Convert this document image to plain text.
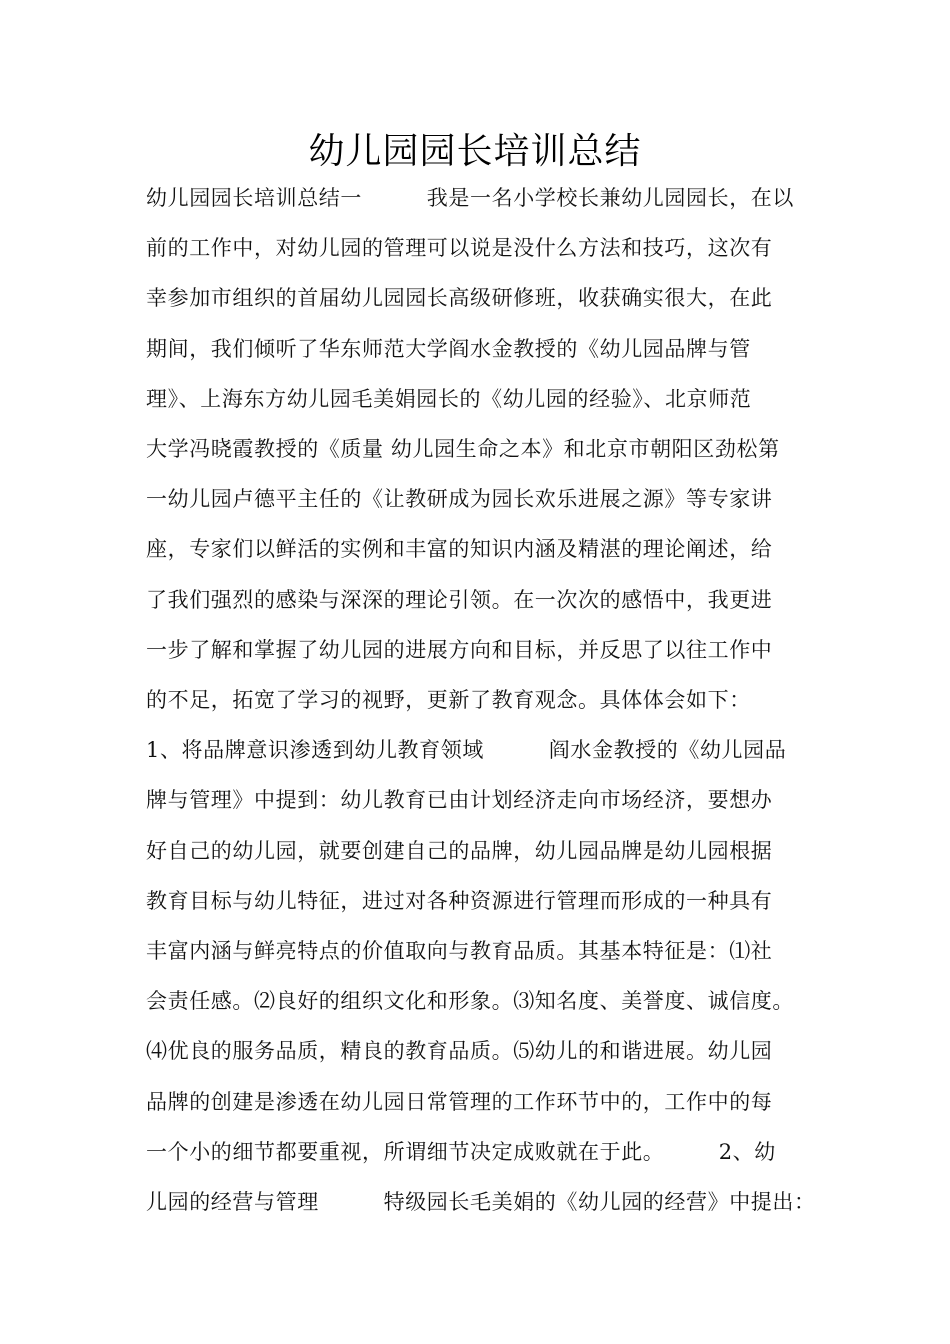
幼儿园园长培训总结
幼儿园园长培训总结一　　　我是一名小学校长兼幼儿园园长，在以
前的工作中，对幼儿园的管理可以说是没什么方法和技巧，这次有
幸参加市组织的首届幼儿园园长高级研修班，收获确实很大，在此
期间，我们倾听了华东师范大学阎水金教授的《幼儿园品牌与管
理》、上海东方幼儿园毛美娟园长的《幼儿园的经验》、北京师范
大学冯晓霞教授的《质量 幼儿园生命之本》和北京市朝阳区劲松第
一幼儿园卢德平主任的《让教研成为园长欢乐进展之源》等专家讲
座，专家们以鲜活的实例和丰富的知识内涵及精湛的理论阐述，给
了我们强烈的感染与深深的理论引领。在一次次的感悟中，我更进
一步了解和掌握了幼儿园的进展方向和目标，并反思了以往工作中
的不足，拓宽了学习的视野，更新了教育观念。具体体会如下：
1、将品牌意识渗透到幼儿教育领域　　　阎水金教授的《幼儿园品
牌与管理》中提到：幼儿教育已由计划经济走向市场经济，要想办
好自己的幼儿园，就要创建自己的品牌，幼儿园品牌是幼儿园根据
教育目标与幼儿特征，进过对各种资源进行管理而形成的一种具有
丰富内涵与鲜亮特点的价值取向与教育品质。其基本特征是：⑴社
会责任感。⑵良好的组织文化和形象。⑶知名度、美誉度、诚信度。
⑷优良的服务品质，精良的教育品质。⑸幼儿的和谐进展。幼儿园
品牌的创建是渗透在幼儿园日常管理的工作环节中的，工作中的每
一个小的细节都要重视，所谓细节决定成败就在于此。　　　2、幼
儿园的经营与管理　　　特级园长毛美娟的《幼儿园的经营》中提出：
